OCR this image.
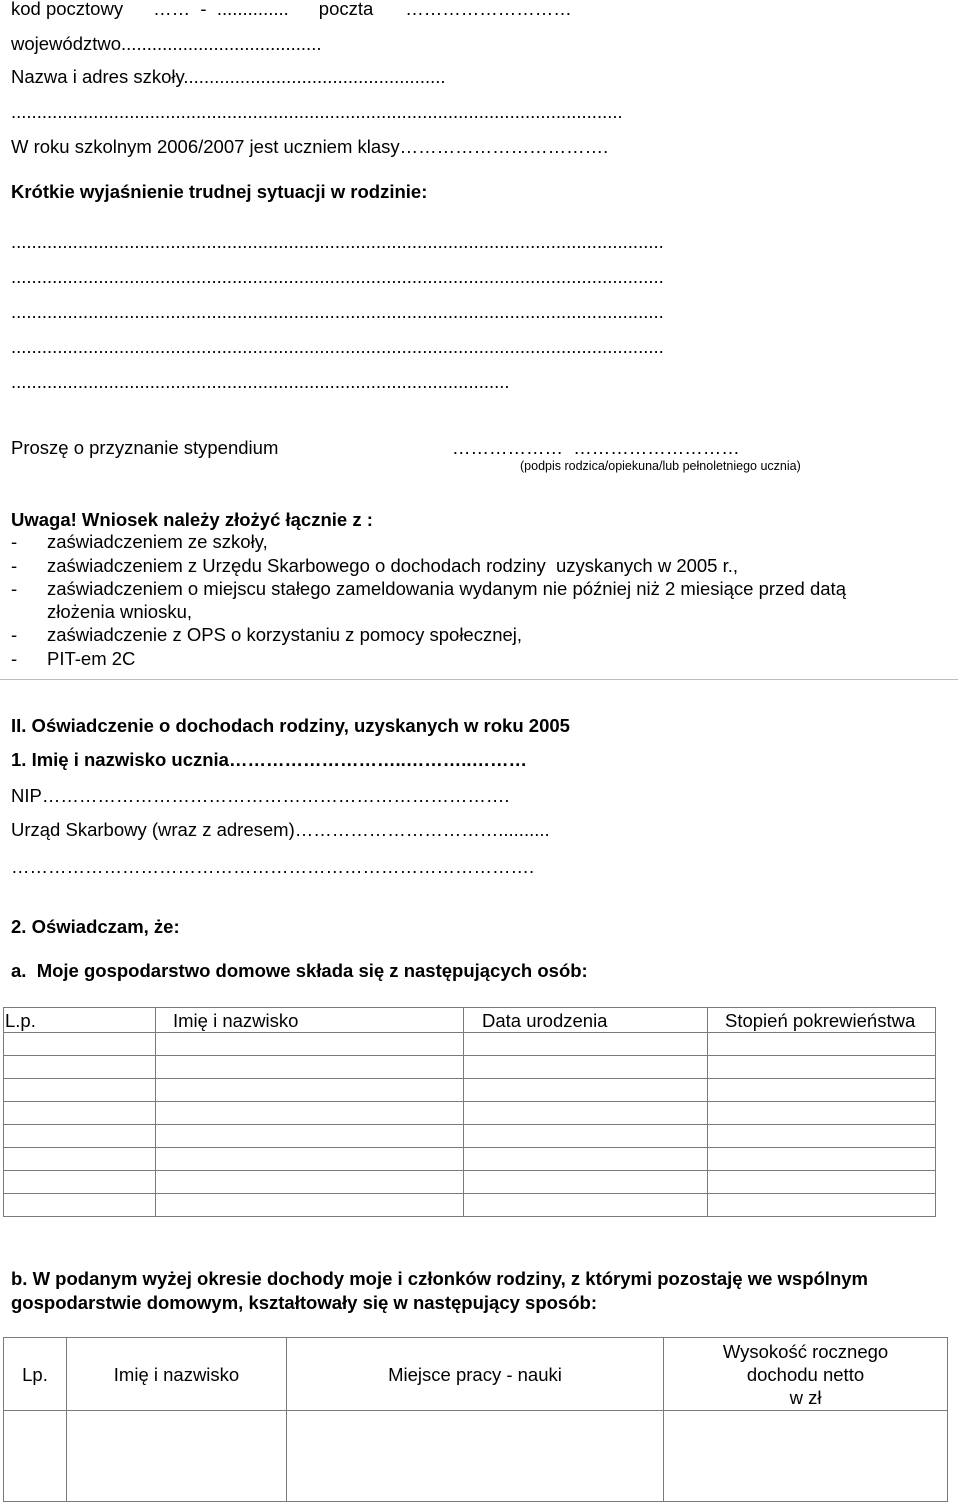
kod pocztowy ……  -  .............. poczta ………………………
województwo.......................................
Nazwa i adres szkoły...................................................
.......................................................................................................................
W roku szkolnym 2006/2007 jest uczniem klasy…………………………….
Krótkie wyjaśnienie trudnej sytuacji w rodzinie:
...............................................................................................................................
...............................................................................................................................
...............................................................................................................................
...............................................................................................................................
.................................................................................................
Proszę o przyznanie stypendium	………………  ………………………
(podpis rodzica/opiekuna/lub pełnoletniego ucznia)
Uwaga! Wniosek należy złożyć łącznie z :
- zaświadczeniem ze szkoły,
- zaświadczeniem z Urzędu Skarbowego o dochodach rodziny  uzyskanych w 2005 r.,
- zaświadczeniem o miejscu stałego zameldowania wydanym nie później niż 2 miesiące przed datą
złożenia wniosku,
- zaświadczenie z OPS o korzystaniu z pomocy społecznej,
- PIT-em 2C
II. Oświadczenie o dochodach rodziny, uzyskanych w roku 2005
1. Imię i nazwisko ucznia………………………..………..………
NIP………………………………………………………………….
Urząd Skarbowy (wraz z adresem)……………………………..........
………………………………………………………………………….
2. Oświadczam, że:
a.  Moje gospodarstwo domowe składa się z następujących osób:
L.p.	Imię i nazwisko	Data urodzenia	Stopień pokrewieństwa

b. W podanym wyżej okresie dochody moje i członków rodziny, z którymi pozostaję we wspólnym
gospodarstwie domowym, kształtowały się w następujący sposób:
Lp.	Imię i nazwisko	Miejsce pracy - nauki	Wysokość rocznego
dochodu netto
w zł
